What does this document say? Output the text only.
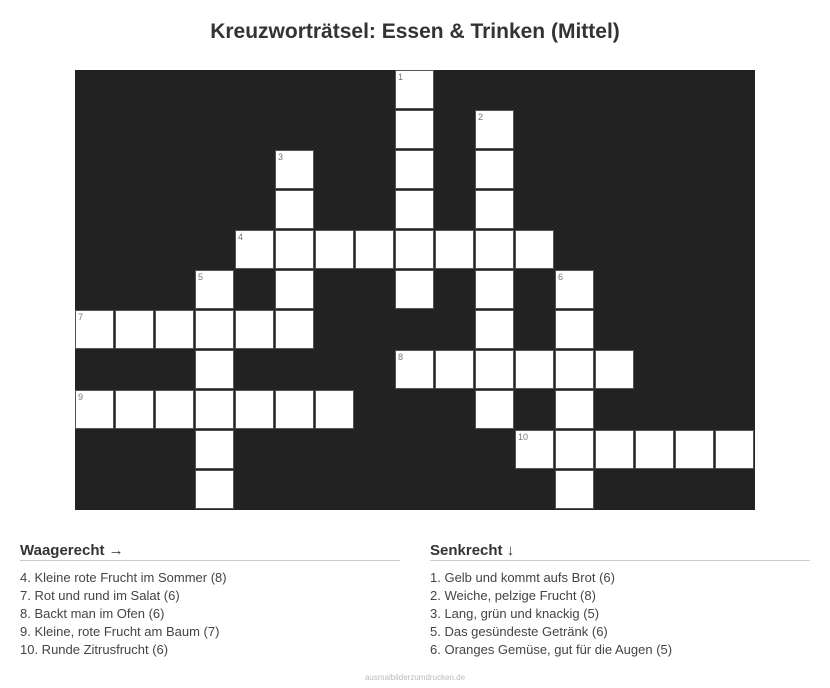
Kreuzworträtsel: Essen & Trinken (Mittel)
1
2
3
4
5	6
7
8
9
10
Waagerecht →
4. Kleine rote Frucht im Sommer (8)
7. Rot und rund im Salat (6)
8. Backt man im Ofen (6)
9. Kleine, rote Frucht am Baum (7)
10. Runde Zitrusfrucht (6)
Senkrecht ↓
1. Gelb und kommt aufs Brot (6)
2. Weiche, pelzige Frucht (8)
3. Lang, grün und knackig (5)
5. Das gesündeste Getränk (6)
6. Oranges Gemüse, gut für die Augen (5)
ausmalbilderzumdrucken.de
